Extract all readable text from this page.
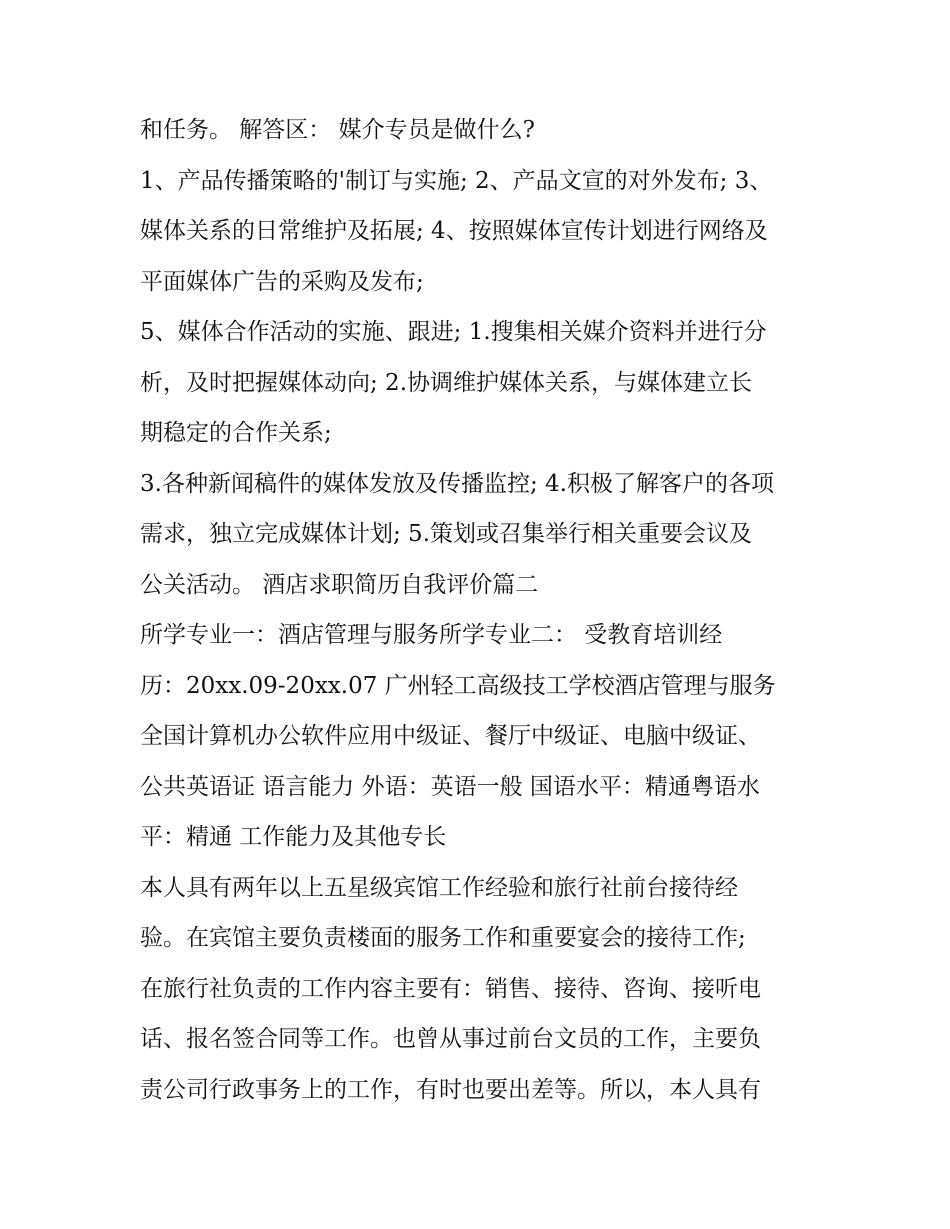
和任务。 解答区： 媒介专员是做什么?
1、产品传播策略的'制订与实施; 2、产品文宣的对外发布; 3、
媒体关系的日常维护及拓展; 4、按照媒体宣传计划进行网络及
平面媒体广告的采购及发布;
5、媒体合作活动的实施、跟进; 1.搜集相关媒介资料并进行分
析，及时把握媒体动向; 2.协调维护媒体关系，与媒体建立长
期稳定的合作关系;
3.各种新闻稿件的媒体发放及传播监控; 4.积极了解客户的各项
需求，独立完成媒体计划; 5.策划或召集举行相关重要会议及
公关活动。 酒店求职简历自我评价篇二
所学专业一：酒店管理与服务所学专业二： 受教育培训经
历：20xx.09-20xx.07 广州轻工高级技工学校酒店管理与服务
全国计算机办公软件应用中级证、餐厅中级证、电脑中级证、
公共英语证 语言能力 外语：英语一般 国语水平：精通粤语水
平：精通 工作能力及其他专长
本人具有两年以上五星级宾馆工作经验和旅行社前台接待经
验。在宾馆主要负责楼面的服务工作和重要宴会的接待工作;
在旅行社负责的工作内容主要有：销售、接待、咨询、接听电
话、报名签合同等工作。也曾从事过前台文员的工作，主要负
责公司行政事务上的工作，有时也要出差等。所以，本人具有
